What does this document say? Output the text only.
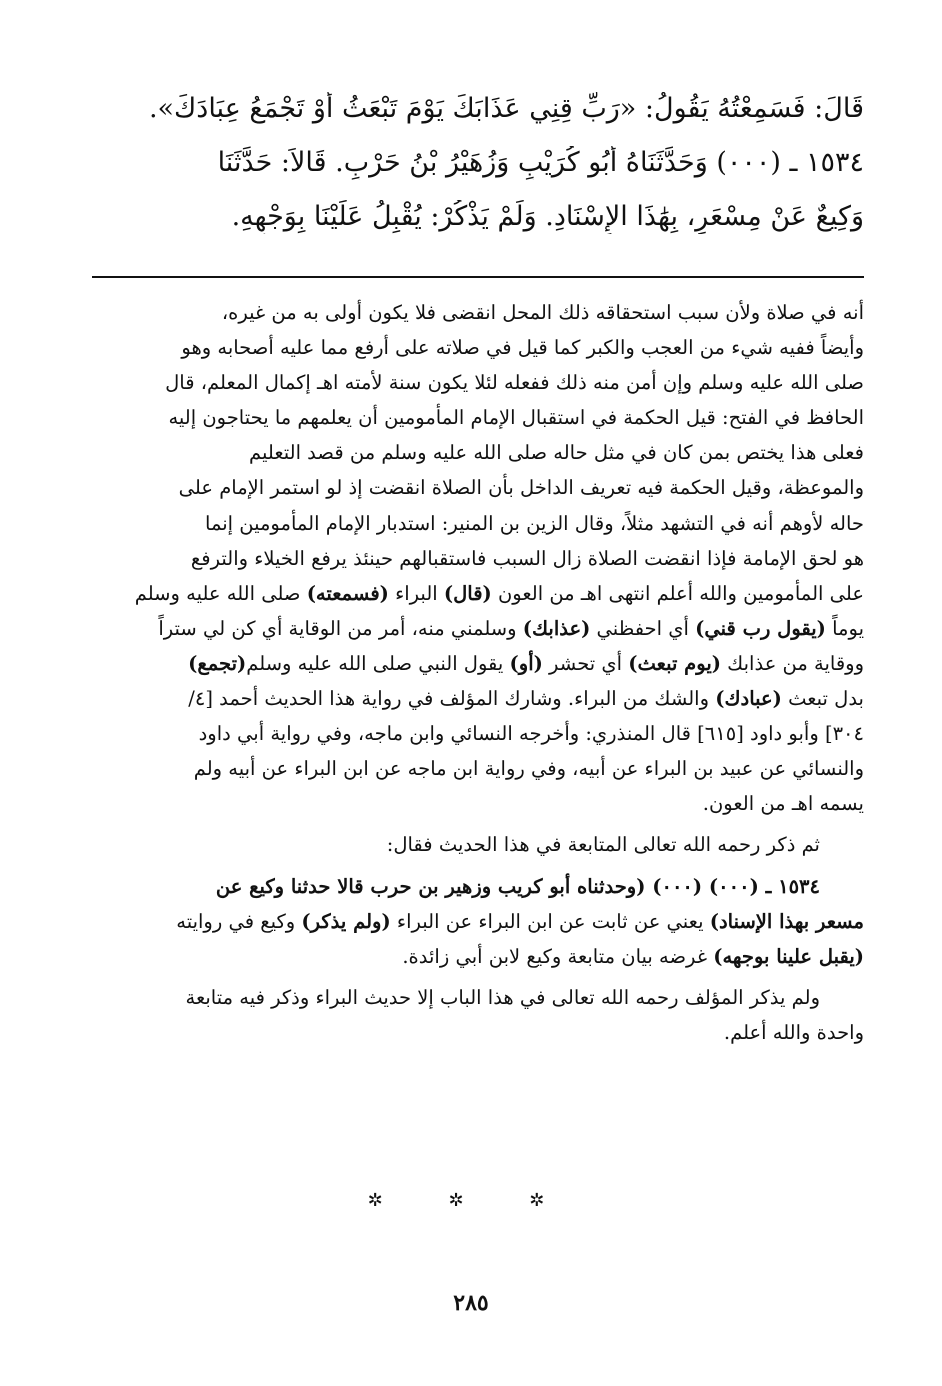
قَالَ: فَسَمِعْتُهُ يَقُولُ: «رَبِّ قِنِي عَذَابَكَ يَوْمَ تَبْعَثُ أَوْ تَجْمَعُ عِبَادَكَ».

١٥٣٤ ـ (٠٠٠) وَحَدَّثَنَاهُ أَبُو كُرَيْبٍ وَزُهَيْرُ بْنُ حَرْبٍ. قَالاَ: حَدَّثَنَا

وَكِيعٌ عَنْ مِسْعَرٍ، بِهَٰذَا الإِسْنَادِ. وَلَمْ يَذْكُرْ: يُقْبِلُ عَلَيْنَا بِوَجْهِهِ.

أنه في صلاة ولأن سبب استحقاقه ذلك المحل انقضى فلا يكون أولى به من غيره،

وأيضاً ففيه شيء من العجب والكبر كما قيل في صلاته على أرفع مما عليه أصحابه وهو

صلى الله عليه وسلم وإن أمن منه ذلك ففعله لئلا يكون سنة لأمته اهـ إكمال المعلم، قال

الحافظ في الفتح: قيل الحكمة في استقبال الإمام المأمومين أن يعلمهم ما يحتاجون إليه

فعلى هذا يختص بمن كان في مثل حاله صلى الله عليه وسلم من قصد التعليم

والموعظة، وقيل الحكمة فيه تعريف الداخل بأن الصلاة انقضت إذ لو استمر الإمام على

حاله لأوهم أنه في التشهد مثلاً، وقال الزين بن المنير: استدبار الإمام المأمومين إنما

هو لحق الإمامة فإذا انقضت الصلاة زال السبب فاستقبالهم حينئذ يرفع الخيلاء والترفع

على المأمومين والله أعلم انتهى اهـ من العون (قال) البراء (فسمعته) صلى الله عليه وسلم

يوماً (يقول رب قني) أي احفظني (عذابك) وسلمني منه، أمر من الوقاية أي كن لي ستراً

ووقاية من عذابك (يوم تبعث) أي تحشر (أو) يقول النبي صلى الله عليه وسلم(تجمع)

بدل تبعث (عبادك) والشك من البراء. وشارك المؤلف في رواية هذا الحديث أحمد [٤/

٣٠٤] وأبو داود [٦١٥] قال المنذري: وأخرجه النسائي وابن ماجه، وفي رواية أبي داود

والنسائي عن عبيد بن البراء عن أبيه، وفي رواية ابن ماجه عن ابن البراء عن أبيه ولم

يسمه اهـ من العون.

ثم ذكر رحمه الله تعالى المتابعة في هذا الحديث فقال:

١٥٣٤ ـ (٠٠٠) (٠٠٠) (وحدثناه أبو كريب وزهير بن حرب قالا حدثنا وكيع عن

مسعر بهذا الإسناد) يعني عن ثابت عن ابن البراء عن البراء (ولم يذكر) وكيع في روايته

(يقبل علينا بوجهه) غرضه بيان متابعة وكيع لابن أبي زائدة.

ولم يذكر المؤلف رحمه الله تعالى في هذا الباب إلا حديث البراء وذكر فيه متابعة

واحدة والله أعلم.

✲ ✲ ✲
٢٨٥
